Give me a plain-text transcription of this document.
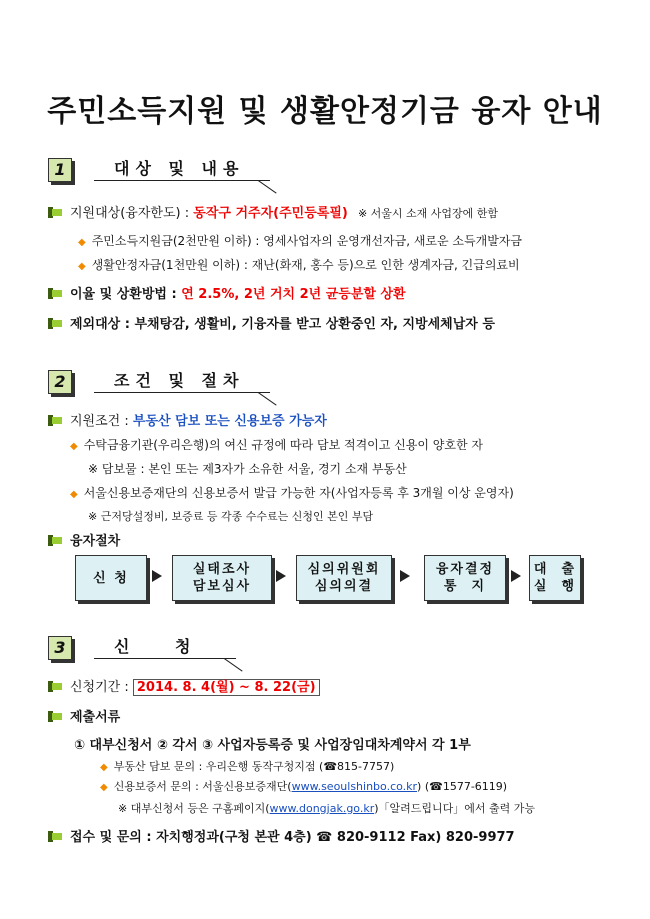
주민소득지원 및 생활안정기금 융자 안내
1	대상 및 내용
지원대상(융자한도) : 동작구 거주자(주민등록필) ※ 서울시 소재 사업장에 한함
◆ 주민소득지원금(2천만원 이하) : 영세사업자의 운영개선자금, 새로운 소득개발자금
◆ 생활안정자금(1천만원 이하) : 재난(화재, 홍수 등)으로 인한 생계자금, 긴급의료비
이율 및 상환방법 : 연 2.5%, 2년 거치 2년 균등분할 상환
제외대상 : 부채탕감, 생활비, 기융자를 받고 상환중인 자, 지방세체납자 등
2	조건 및 절차
지원조건 : 부동산 담보 또는 신용보증 가능자
◆ 수탁금융기관(우리은행)의 여신 규정에 따라 담보 적격이고 신용이 양호한 자
※ 담보물 : 본인 또는 제3자가 소유한 서울, 경기 소재 부동산
◆ 서울신용보증재단의 신용보증서 발급 가능한 자(사업자등록 후 3개월 이상 운영자)
※ 근저당설정비, 보증료 등 각종 수수료는 신청인 본인 부담
융자절차
신 청
실태조사
담보심사
심의위원회
심의의결
융자결정
통  지
대  출
실  행
3	신 청
신청기간 : 2014. 8. 4(월) ~ 8. 22(금)
제출서류
① 대부신청서 ② 각서 ③ 사업자등록증 및 사업장임대차계약서 각 1부
◆ 부동산 담보 문의 : 우리은행 동작구청지점 (☎815-7757)
◆ 신용보증서 문의 : 서울신용보증재단(www.seoulshinbo.co.kr) (☎1577-6119)
※ 대부신청서 등은 구홈페이지(www.dongjak.go.kr)「알려드립니다」에서 출력 가능
접수 및 문의 : 자치행정과(구청 본관 4층) ☎ 820-9112 Fax) 820-9977
